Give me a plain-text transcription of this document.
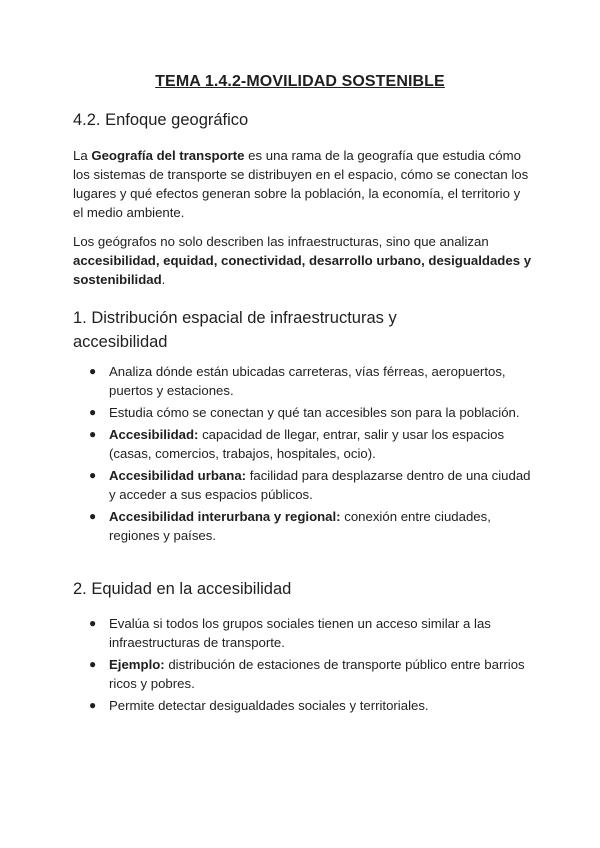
TEMA 1.4.2-MOVILIDAD SOSTENIBLE
4.2. Enfoque geográfico
La Geografía del transporte es una rama de la geografía que estudia cómo los sistemas de transporte se distribuyen en el espacio, cómo se conectan los lugares y qué efectos generan sobre la población, la economía, el territorio y el medio ambiente.
Los geógrafos no solo describen las infraestructuras, sino que analizan accesibilidad, equidad, conectividad, desarrollo urbano, desigualdades y sostenibilidad.
1. Distribución espacial de infraestructuras y accesibilidad
● Analiza dónde están ubicadas carreteras, vías férreas, aeropuertos, puertos y estaciones.
● Estudia cómo se conectan y qué tan accesibles son para la población.
● Accesibilidad: capacidad de llegar, entrar, salir y usar los espacios (casas, comercios, trabajos, hospitales, ocio).
● Accesibilidad urbana: facilidad para desplazarse dentro de una ciudad y acceder a sus espacios públicos.
● Accesibilidad interurbana y regional: conexión entre ciudades, regiones y países.
2. Equidad en la accesibilidad
● Evalúa si todos los grupos sociales tienen un acceso similar a las infraestructuras de transporte.
● Ejemplo: distribución de estaciones de transporte público entre barrios ricos y pobres.
● Permite detectar desigualdades sociales y territoriales.
